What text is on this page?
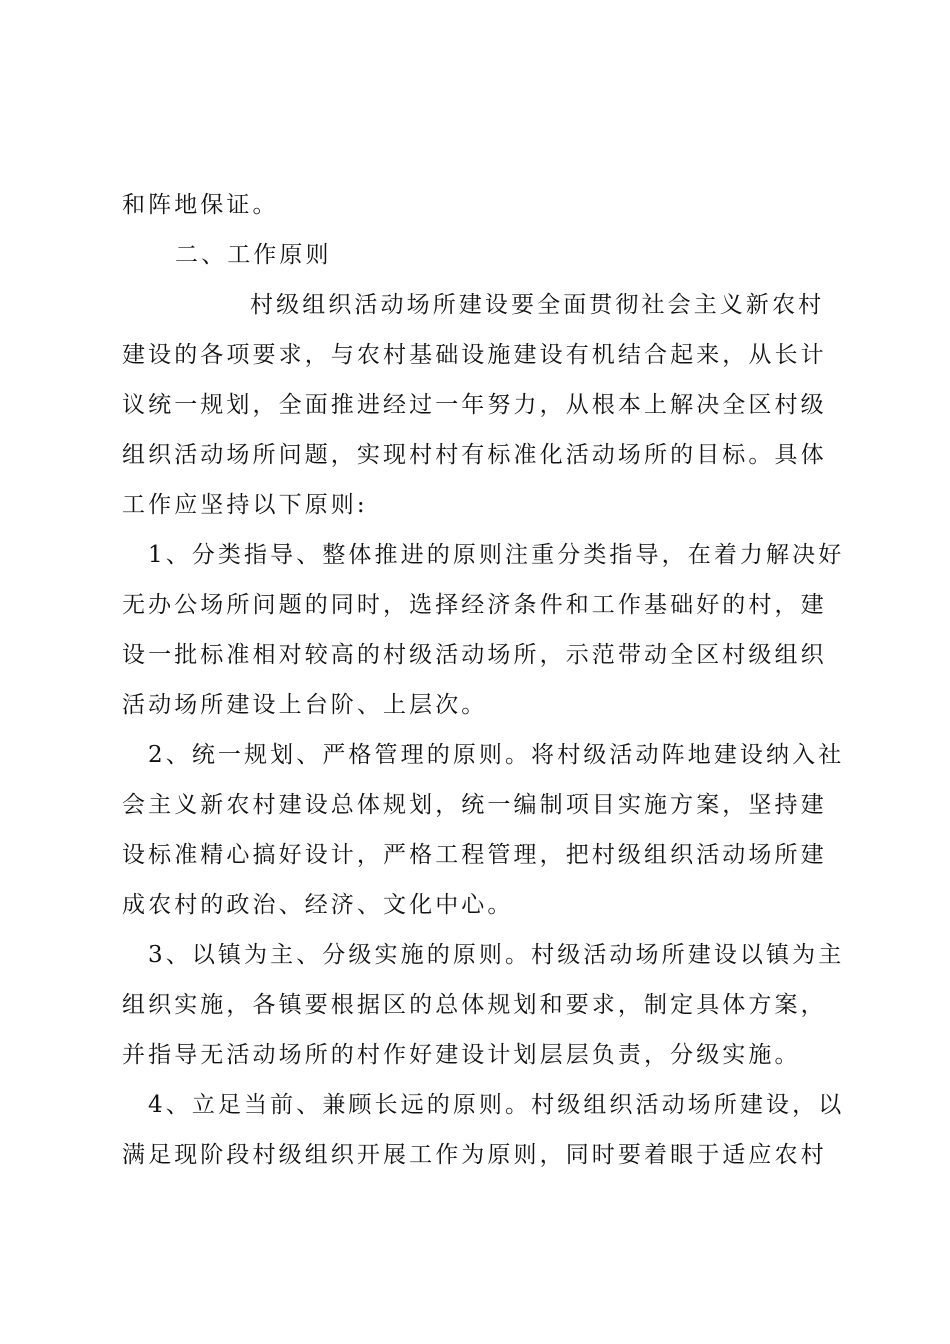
和阵地保证。
二、工作原则
村级组织活动场所建设要全面贯彻社会主义新农村
建设的各项要求，与农村基础设施建设有机结合起来，从长计
议统一规划，全面推进经过一年努力，从根本上解决全区村级
组织活动场所问题，实现村村有标准化活动场所的目标。具体
工作应坚持以下原则:
1、分类指导、整体推进的原则注重分类指导，在着力解决好
无办公场所问题的同时，选择经济条件和工作基础好的村，建
设一批标准相对较高的村级活动场所，示范带动全区村级组织
活动场所建设上台阶、上层次。
2、统一规划、严格管理的原则。将村级活动阵地建设纳入社
会主义新农村建设总体规划，统一编制项目实施方案，坚持建
设标准精心搞好设计，严格工程管理，把村级组织活动场所建
成农村的政治、经济、文化中心。
3、以镇为主、分级实施的原则。村级活动场所建设以镇为主
组织实施，各镇要根据区的总体规划和要求，制定具体方案，
并指导无活动场所的村作好建设计划层层负责，分级实施。
4、立足当前、兼顾长远的原则。村级组织活动场所建设，以
满足现阶段村级组织开展工作为原则，同时要着眼于适应农村
